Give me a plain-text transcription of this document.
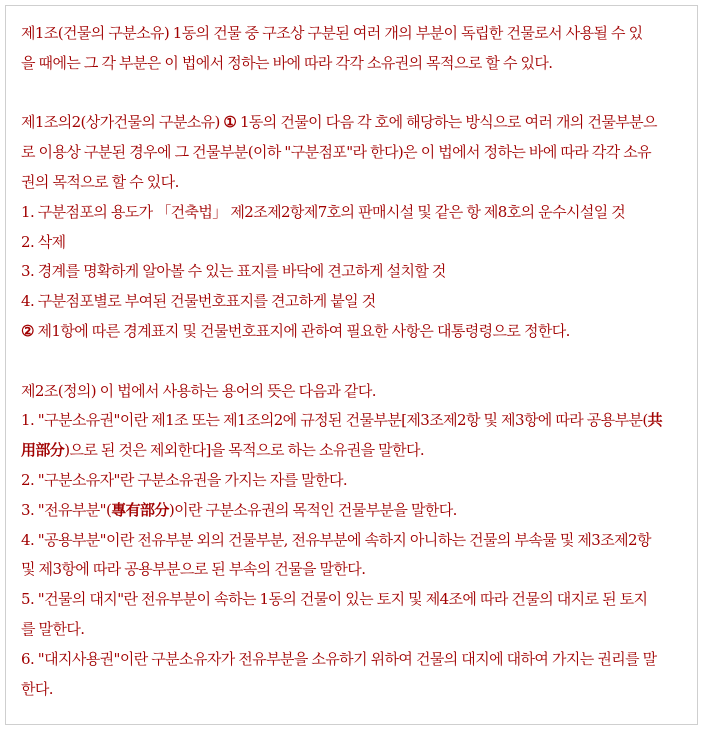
제1조(건물의 구분소유) 1동의 건물 중 구조상 구분된 여러 개의 부분이 독립한 건물로서 사용될 수 있
을 때에는 그 각 부분은 이 법에서 정하는 바에 따라 각각 소유권의 목적으로 할 수 있다.
제1조의2(상가건물의 구분소유) ① 1동의 건물이 다음 각 호에 해당하는 방식으로 여러 개의 건물부분으
로 이용상 구분된 경우에 그 건물부분(이하 "구분점포"라 한다)은 이 법에서 정하는 바에 따라 각각 소유
권의 목적으로 할 수 있다.
1. 구분점포의 용도가 「건축법」 제2조제2항제7호의 판매시설 및 같은 항 제8호의 운수시설일 것
2. 삭제
3. 경계를 명확하게 알아볼 수 있는 표지를 바닥에 견고하게 설치할 것
4. 구분점포별로 부여된 건물번호표지를 견고하게 붙일 것
② 제1항에 따른 경계표지 및 건물번호표지에 관하여 필요한 사항은 대통령령으로 정한다.
제2조(정의) 이 법에서 사용하는 용어의 뜻은 다음과 같다.
1. "구분소유권"이란 제1조 또는 제1조의2에 규정된 건물부분[제3조제2항 및 제3항에 따라 공용부분(共
用部分)으로 된 것은 제외한다]을 목적으로 하는 소유권을 말한다.
2. "구분소유자"란 구분소유권을 가지는 자를 말한다.
3. "전유부분"(專有部分)이란 구분소유권의 목적인 건물부분을 말한다.
4. "공용부분"이란 전유부분 외의 건물부분, 전유부분에 속하지 아니하는 건물의 부속물 및 제3조제2항
및 제3항에 따라 공용부분으로 된 부속의 건물을 말한다.
5. "건물의 대지"란 전유부분이 속하는 1동의 건물이 있는 토지 및 제4조에 따라 건물의 대지로 된 토지
를 말한다.
6. "대지사용권"이란 구분소유자가 전유부분을 소유하기 위하여 건물의 대지에 대하여 가지는 권리를 말
한다.
